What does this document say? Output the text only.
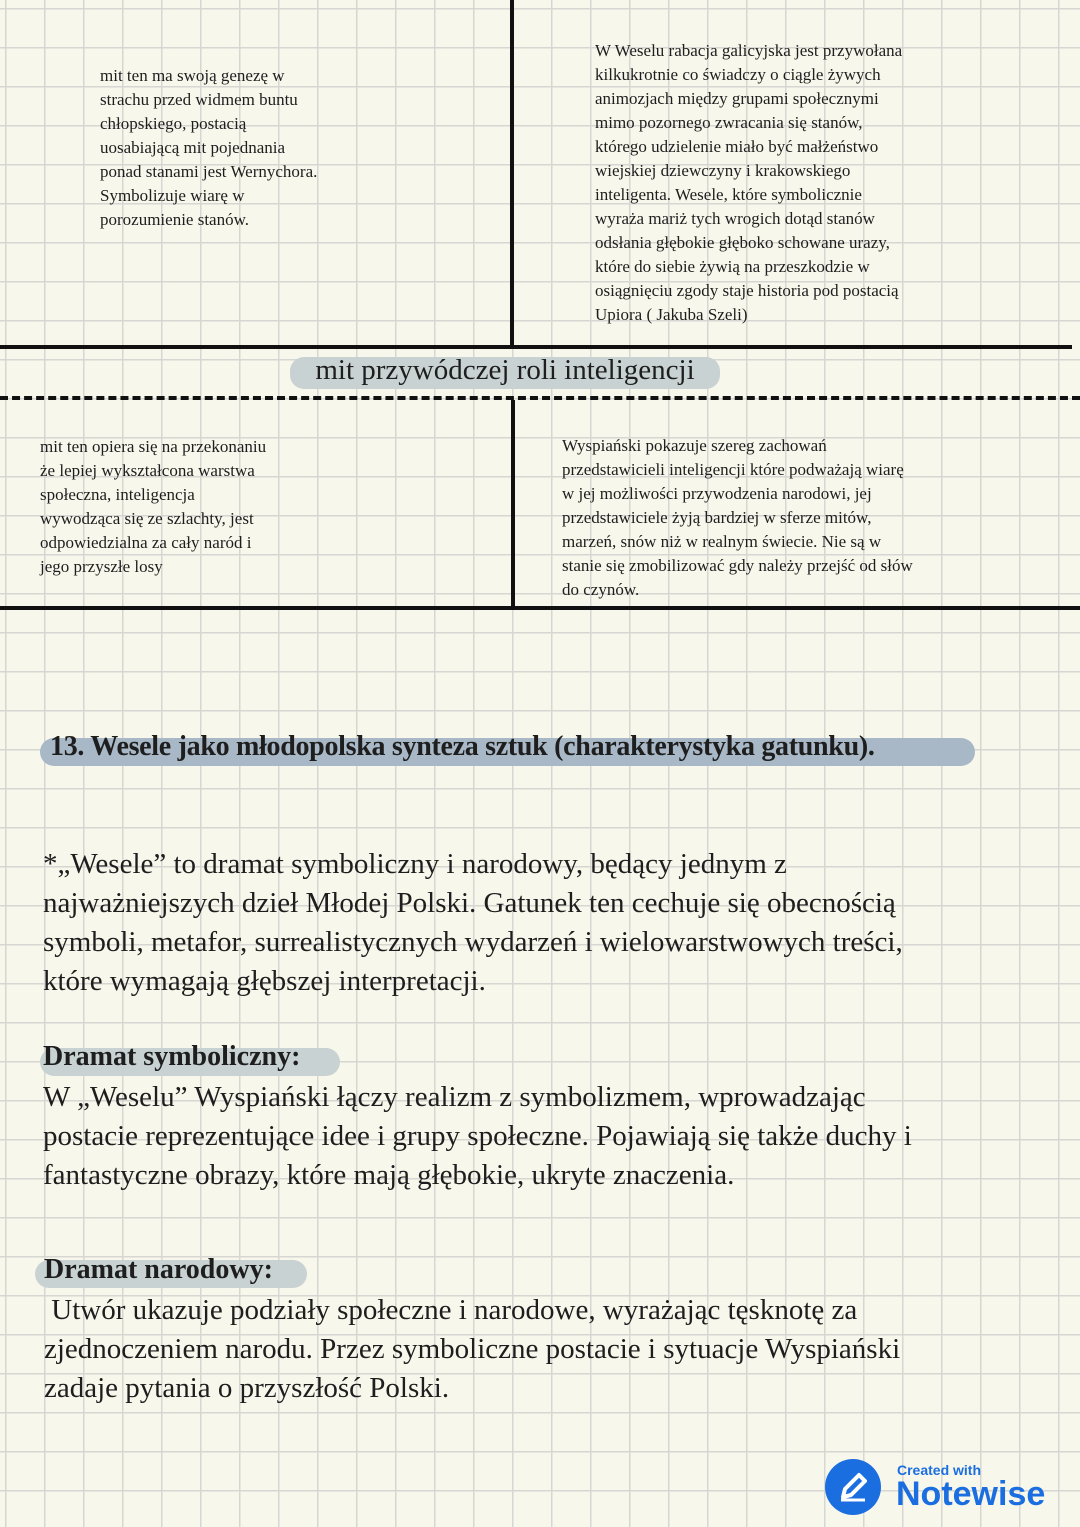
mit ten ma swoją genezę w
strachu przed widmem buntu
chłopskiego, postacią
uosabiającą mit pojednania
ponad stanami jest Wernychora.
Symbolizuje wiarę w
porozumienie stanów.
W Weselu rabacja galicyjska jest przywołana
kilkukrotnie co świadczy o ciągle żywych
animozjach między grupami społecznymi
mimo pozornego zwracania się stanów,
którego udzielenie miało być małżeństwo
wiejskiej dziewczyny i krakowskiego
inteligenta. Wesele, które symbolicznie
wyraża mariż tych wrogich dotąd stanów
odsłania głębokie głęboko schowane urazy,
które do siebie żywią na przeszkodzie w
osiągnięciu zgody staje historia pod postacią
Upiora ( Jakuba Szeli)
mit przywódczej roli inteligencji
mit ten opiera się na przekonaniu
że lepiej wykształcona warstwa
społeczna, inteligencja
wywodząca się ze szlachty, jest
odpowiedzialna za cały naród i
jego przyszłe losy
Wyspiański pokazuje szereg zachowań
przedstawicieli inteligencji które podważają wiarę
w jej możliwości przywodzenia narodowi, jej
przedstawiciele żyją bardziej w sferze mitów,
marzeń, snów niż w realnym świecie. Nie są w
stanie się zmobilizować gdy należy przejść od słów
do czynów.
13. Wesele jako młodopolska synteza sztuk (charakterystyka gatunku).
*„Wesele” to dramat symboliczny i narodowy, będący jednym z
najważniejszych dzieł Młodej Polski. Gatunek ten cechuje się obecnością
symboli, metafor, surrealistycznych wydarzeń i wielowarstwowych treści,
które wymagają głębszej interpretacji.
Dramat symboliczny:
W „Weselu” Wyspiański łączy realizm z symbolizmem, wprowadzając
postacie reprezentujące idee i grupy społeczne. Pojawiają się także duchy i
fantastyczne obrazy, które mają głębokie, ukryte znaczenia.
Dramat narodowy:
Utwór ukazuje podziały społeczne i narodowe, wyrażając tęsknotę za
zjednoczeniem narodu. Przez symboliczne postacie i sytuacje Wyspiański
zadaje pytania o przyszłość Polski.
Created with
Notewise
